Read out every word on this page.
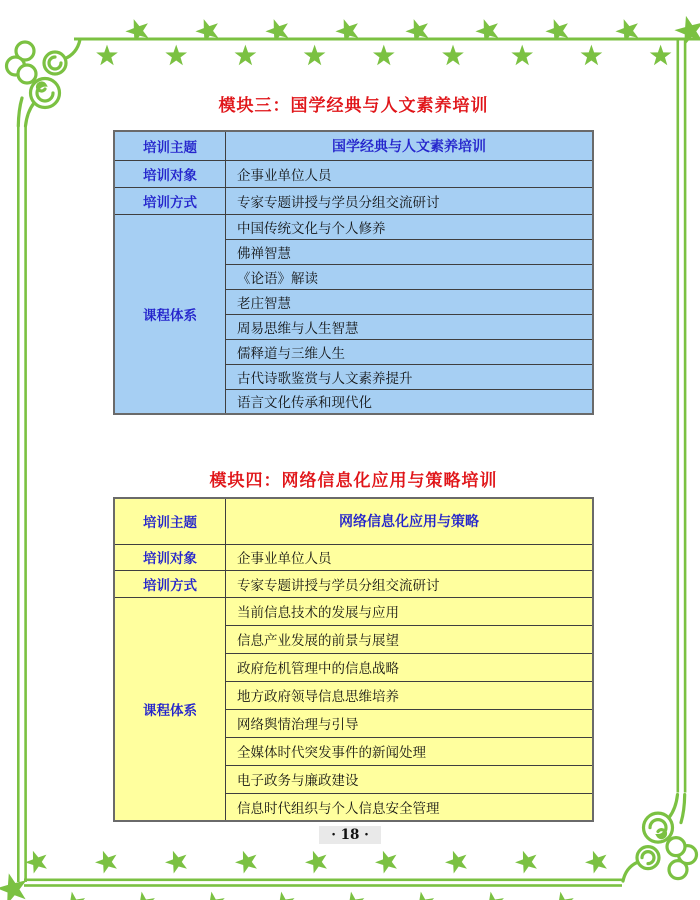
模块三：国学经典与人文素养培训
培训主题	国学经典与人文素养培训
培训对象	企事业单位人员
培训方式	专家专题讲授与学员分组交流研讨
课程体系	中国传统文化与个人修养
	佛禅智慧
	《论语》解读
	老庄智慧
	周易思维与人生智慧
	儒释道与三维人生
	古代诗歌鉴赏与人文素养提升
	语言文化传承和现代化
模块四：网络信息化应用与策略培训
培训主题	网络信息化应用与策略
培训对象	企事业单位人员
培训方式	专家专题讲授与学员分组交流研讨
课程体系	当前信息技术的发展与应用
	信息产业发展的前景与展望
	政府危机管理中的信息战略
	地方政府领导信息思维培养
	网络舆情治理与引导
	全媒体时代突发事件的新闻处理
	电子政务与廉政建设
	信息时代组织与个人信息安全管理
· 18 ·
